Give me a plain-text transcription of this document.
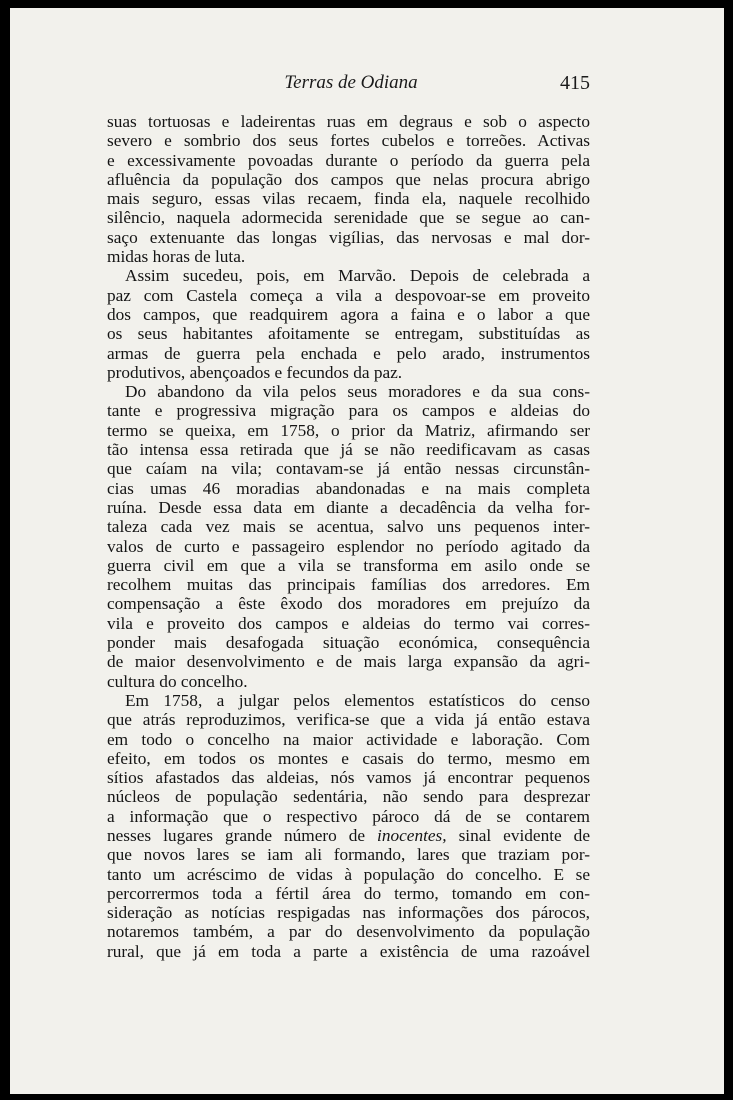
Terras de Odiana	415

suas tortuosas e ladeirentas ruas em degraus e sob o aspecto
severo e sombrio dos seus fortes cubelos e torreões. Activas
e excessivamente povoadas durante o período da guerra pela
afluência da população dos campos que nelas procura abrigo
mais seguro, essas vilas recaem, finda ela, naquele recolhido
silêncio, naquela adormecida serenidade que se segue ao can-
saço extenuante das longas vigílias, das nervosas e mal dor-
midas horas de luta.

Assim sucedeu, pois, em Marvão. Depois de celebrada a
paz com Castela começa a vila a despovoar-se em proveito
dos campos, que readquirem agora a faina e o labor a que
os seus habitantes afoitamente se entregam, substituídas as
armas de guerra pela enchada e pelo arado, instrumentos
produtivos, abençoados e fecundos da paz.

Do abandono da vila pelos seus moradores e da sua cons-
tante e progressiva migração para os campos e aldeias do
termo se queixa, em 1758, o prior da Matriz, afirmando ser
tão intensa essa retirada que já se não reedificavam as casas
que caíam na vila; contavam-se já então nessas circunstân-
cias umas 46 moradias abandonadas e na mais completa
ruína. Desde essa data em diante a decadência da velha for-
taleza cada vez mais se acentua, salvo uns pequenos inter-
valos de curto e passageiro esplendor no período agitado da
guerra civil em que a vila se transforma em asilo onde se
recolhem muitas das principais famílias dos arredores. Em
compensação a êste êxodo dos moradores em prejuízo da
vila e proveito dos campos e aldeias do termo vai corres-
ponder mais desafogada situação económica, consequência
de maior desenvolvimento e de mais larga expansão da agri-
cultura do concelho.

Em 1758, a julgar pelos elementos estatísticos do censo
que atrás reproduzimos, verifica-se que a vida já então estava
em todo o concelho na maior actividade e laboração. Com
efeito, em todos os montes e casais do termo, mesmo em
sítios afastados das aldeias, nós vamos já encontrar pequenos
núcleos de população sedentária, não sendo para desprezar
a informação que o respectivo pároco dá de se contarem
nesses lugares grande número de inocentes, sinal evidente de
que novos lares se iam ali formando, lares que traziam por-
tanto um acréscimo de vidas à população do concelho. E se
percorrermos toda a fértil área do termo, tomando em con-
sideração as notícias respigadas nas informações dos párocos,
notaremos também, a par do desenvolvimento da população
rural, que já em toda a parte a existência de uma razoável
